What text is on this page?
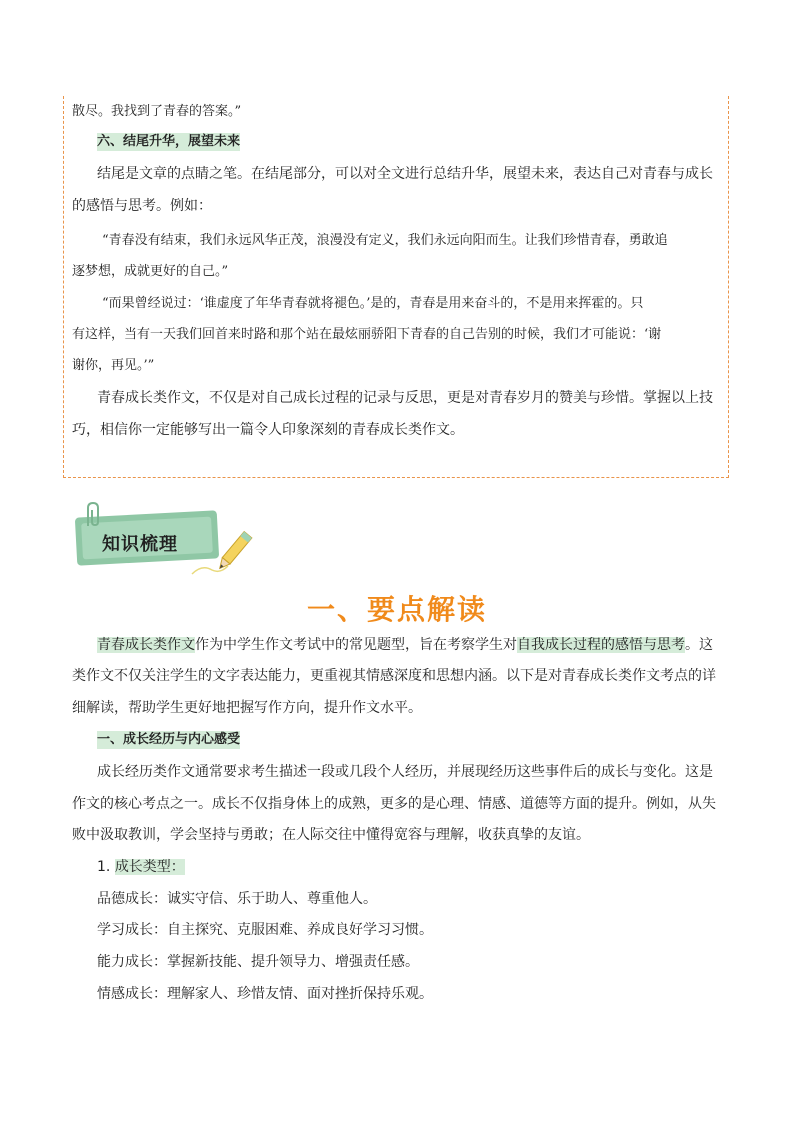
散尽。我找到了青春的答案。”
六、结尾升华，展望未来
结尾是文章的点睛之笔。在结尾部分，可以对全文进行总结升华，展望未来，表达自己对青春与成长
的感悟与思考。例如：
“青春没有结束，我们永远风华正茂，浪漫没有定义，我们永远向阳而生。让我们珍惜青春，勇敢追
逐梦想，成就更好的自己。”
“而果曾经说过：‘谁虚度了年华青春就将褪色。’是的，青春是用来奋斗的，不是用来挥霍的。只
有这样，当有一天我们回首来时路和那个站在最炫丽骄阳下青春的自己告别的时候，我们才可能说：‘谢
谢你，再见。’”
青春成长类作文，不仅是对自己成长过程的记录与反思，更是对青春岁月的赞美与珍惜。掌握以上技
巧，相信你一定能够写出一篇令人印象深刻的青春成长类作文。
知识梳理
一、要点解读
青春成长类作文作为中学生作文考试中的常见题型，旨在考察学生对自我成长过程的感悟与思考。这
类作文不仅关注学生的文字表达能力，更重视其情感深度和思想内涵。以下是对青春成长类作文考点的详
细解读，帮助学生更好地把握写作方向，提升作文水平。
一、成长经历与内心感受
成长经历类作文通常要求考生描述一段或几段个人经历，并展现经历这些事件后的成长与变化。这是
作文的核心考点之一。成长不仅指身体上的成熟，更多的是心理、情感、道德等方面的提升。例如，从失
败中汲取教训，学会坚持与勇敢；在人际交往中懂得宽容与理解，收获真挚的友谊。
1. 成长类型：
品德成长：诚实守信、乐于助人、尊重他人。
学习成长：自主探究、克服困难、养成良好学习习惯。
能力成长：掌握新技能、提升领导力、增强责任感。
情感成长：理解家人、珍惜友情、面对挫折保持乐观。
